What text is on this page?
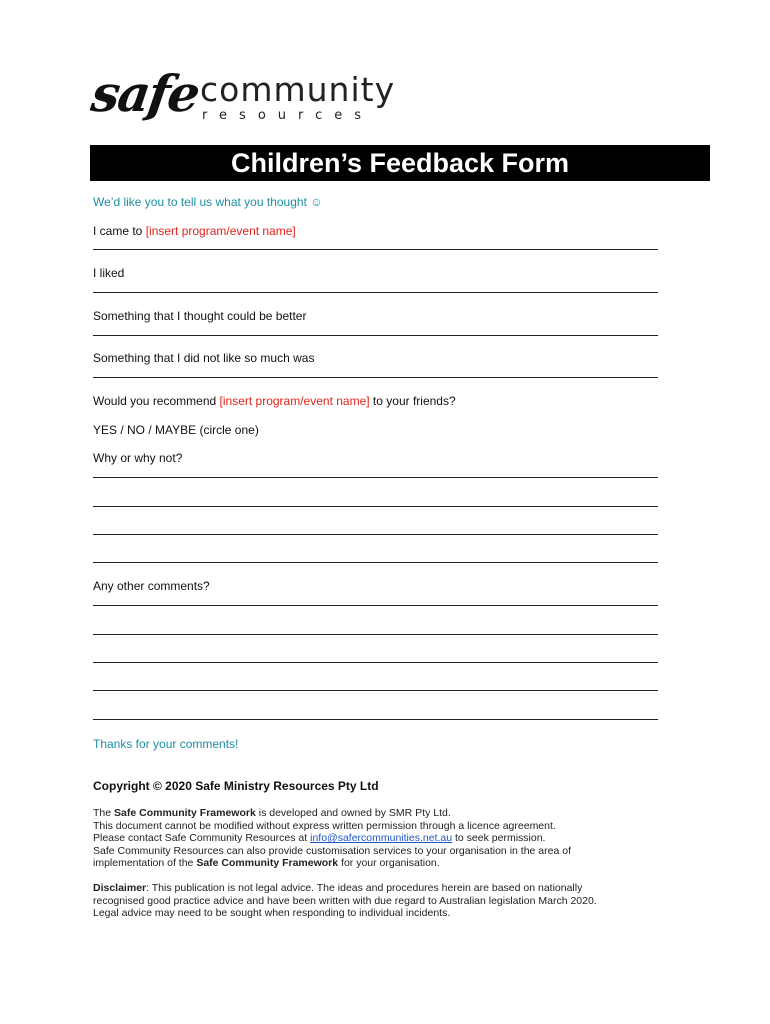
safe
community
resources
Children’s Feedback Form
We’d like you to tell us what you thought ☺
I came to [insert program/event name]
I liked
Something that I thought could be better
Something that I did not like so much was
Would you recommend [insert program/event name] to your friends?
YES / NO / MAYBE (circle one)
Why or why not?
Any other comments?
Thanks for your comments!
Copyright © 2020 Safe Ministry Resources Pty Ltd

The Safe Community Framework is developed and owned by SMR Pty Ltd.

This document cannot be modified without express written permission through a licence agreement.

Please contact Safe Community Resources at info@safercommunities.net.au to seek permission.

Safe Community Resources can also provide customisation services to your organisation in the area of

implementation of the Safe Community Framework for your organisation.

Disclaimer: This publication is not legal advice. The ideas and procedures herein are based on nationally

recognised good practice advice and have been written with due regard to Australian legislation March 2020.

Legal advice may need to be sought when responding to individual incidents.
